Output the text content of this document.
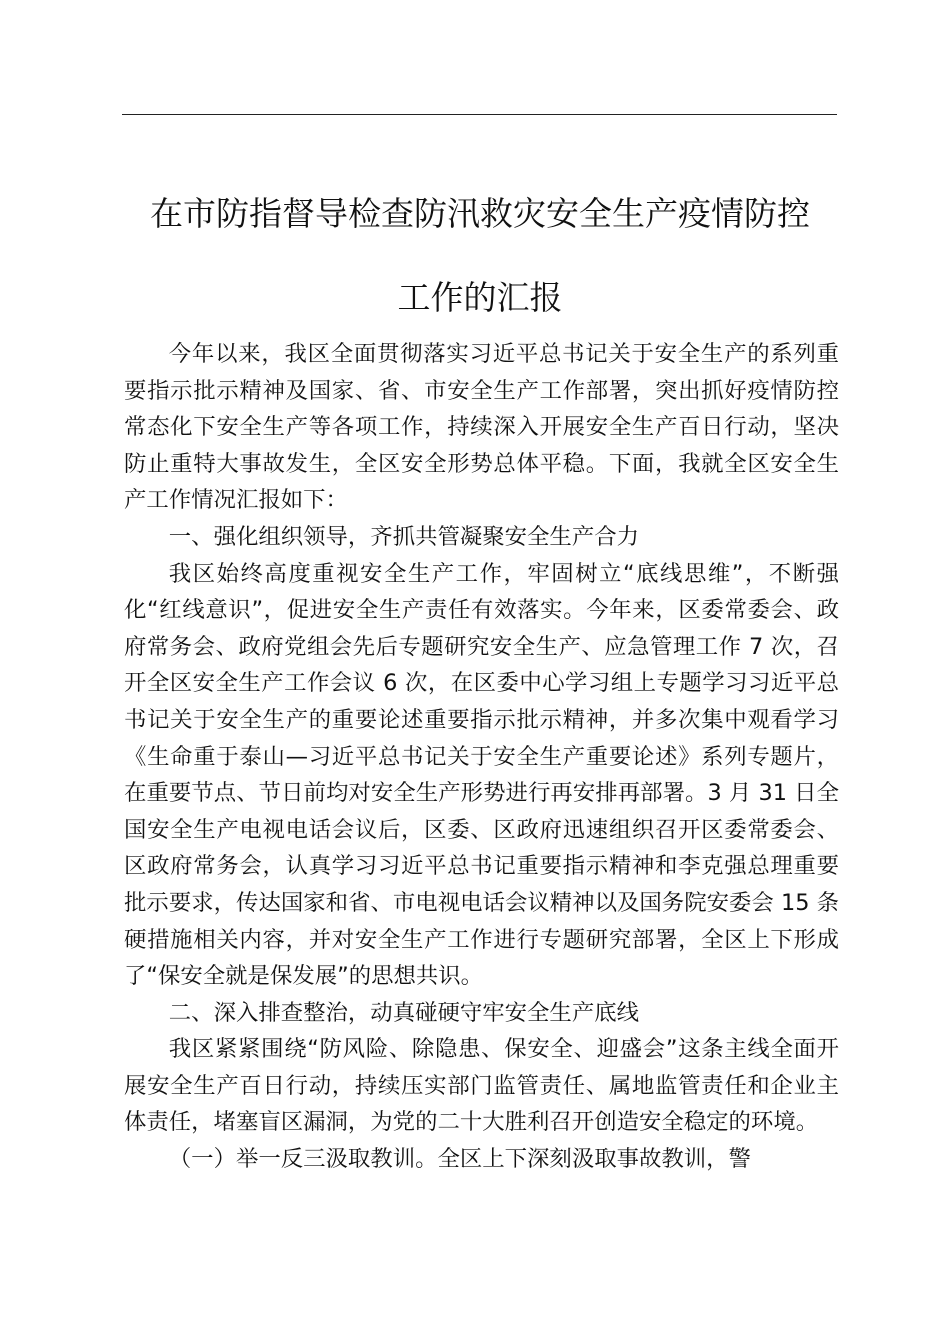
在市防指督导检查防汛救灾安全生产疫情防控
工作的汇报

今年以来，我区全面贯彻落实习近平总书记关于安全生产的系列重要指示批示精神及国家、省、市安全生产工作部署，突出抓好疫情防控常态化下安全生产等各项工作，持续深入开展安全生产百日行动，坚决防止重特大事故发生，全区安全形势总体平稳。下面，我就全区安全生产工作情况汇报如下：

一、强化组织领导，齐抓共管凝聚安全生产合力

我区始终高度重视安全生产工作，牢固树立“底线思维”，不断强化“红线意识”，促进安全生产责任有效落实。今年来，区委常委会、政府常务会、政府党组会先后专题研究安全生产、应急管理工作 7 次，召开全区安全生产工作会议 6 次，在区委中心学习组上专题学习习近平总书记关于安全生产的重要论述重要指示批示精神，并多次集中观看学习《生命重于泰山—习近平总书记关于安全生产重要论述》系列专题片，在重要节点、节日前均对安全生产形势进行再安排再部署。3 月 31 日全国安全生产电视电话会议后，区委、区政府迅速组织召开区委常委会、区政府常务会，认真学习习近平总书记重要指示精神和李克强总理重要批示要求，传达国家和省、市电视电话会议精神以及国务院安委会 15 条硬措施相关内容，并对安全生产工作进行专题研究部署，全区上下形成了“保安全就是保发展”的思想共识。

二、深入排查整治，动真碰硬守牢安全生产底线

我区紧紧围绕“防风险、除隐患、保安全、迎盛会”这条主线全面开展安全生产百日行动，持续压实部门监管责任、属地监管责任和企业主体责任，堵塞盲区漏洞，为党的二十大胜利召开创造安全稳定的环境。

（一）举一反三汲取教训。全区上下深刻汲取事故教训，警
